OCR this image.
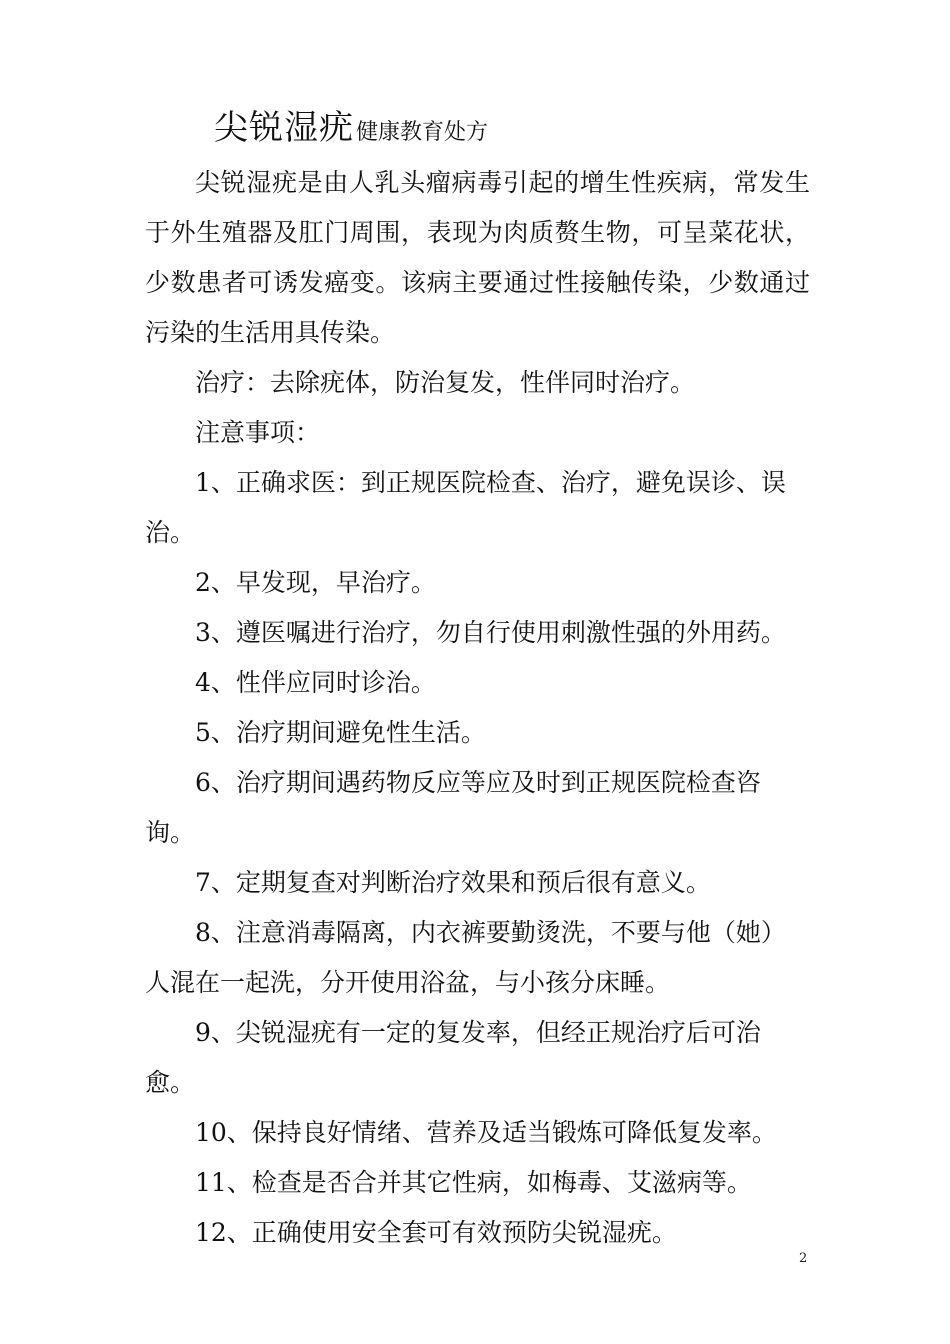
尖锐湿疣健康教育处方

尖锐湿疣是由人乳头瘤病毒引起的增生性疾病，常发生于外生殖器及肛门周围，表现为肉质赘生物，可呈菜花状，少数患者可诱发癌变。该病主要通过性接触传染，少数通过污染的生活用具传染。

治疗：去除疣体，防治复发，性伴同时治疗。

注意事项：

1、正确求医：到正规医院检查、治疗，避免误诊、误治。

2、早发现，早治疗。

3、遵医嘱进行治疗，勿自行使用刺激性强的外用药。

4、性伴应同时诊治。

5、治疗期间避免性生活。

6、治疗期间遇药物反应等应及时到正规医院检查咨询。

7、定期复查对判断治疗效果和预后很有意义。

8、注意消毒隔离，内衣裤要勤烫洗，不要与他（她）人混在一起洗，分开使用浴盆，与小孩分床睡。

9、尖锐湿疣有一定的复发率，但经正规治疗后可治愈。

10、保持良好情绪、营养及适当锻炼可降低复发率。

11、检查是否合并其它性病，如梅毒、艾滋病等。

12、正确使用安全套可有效预防尖锐湿疣。

2
